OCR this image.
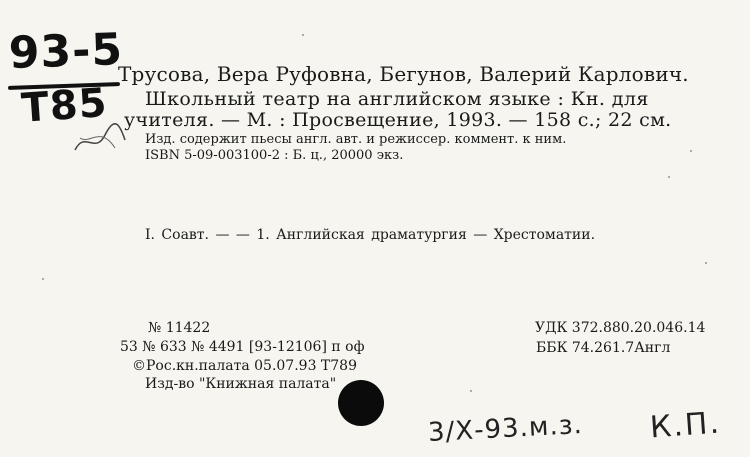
93-5
Т85
Трусова, Вера Руфовна, Бегунов, Валерий Карлович.
Школьный театр на английском языке : Кн. для
учителя. — М. : Просвещение, 1993. — 158 с.; 22 см.
Изд. содержит пьесы англ. авт. и режиссер. коммент. к ним.
ISBN 5-09-003100-2 : Б. ц., 20000 экз.
I. Соавт. — — 1. Английская драматургия — Хрестоматии.
№ 11422
53 № 633 № 4491 [93-12106] п оф
©Рос.кн.палата 05.07.93 Т789
Изд-во "Книжная палата"
УДК 372.880.20.046.14
ББК 74.261.7Англ
3/Х-93.м.з. К.П.
